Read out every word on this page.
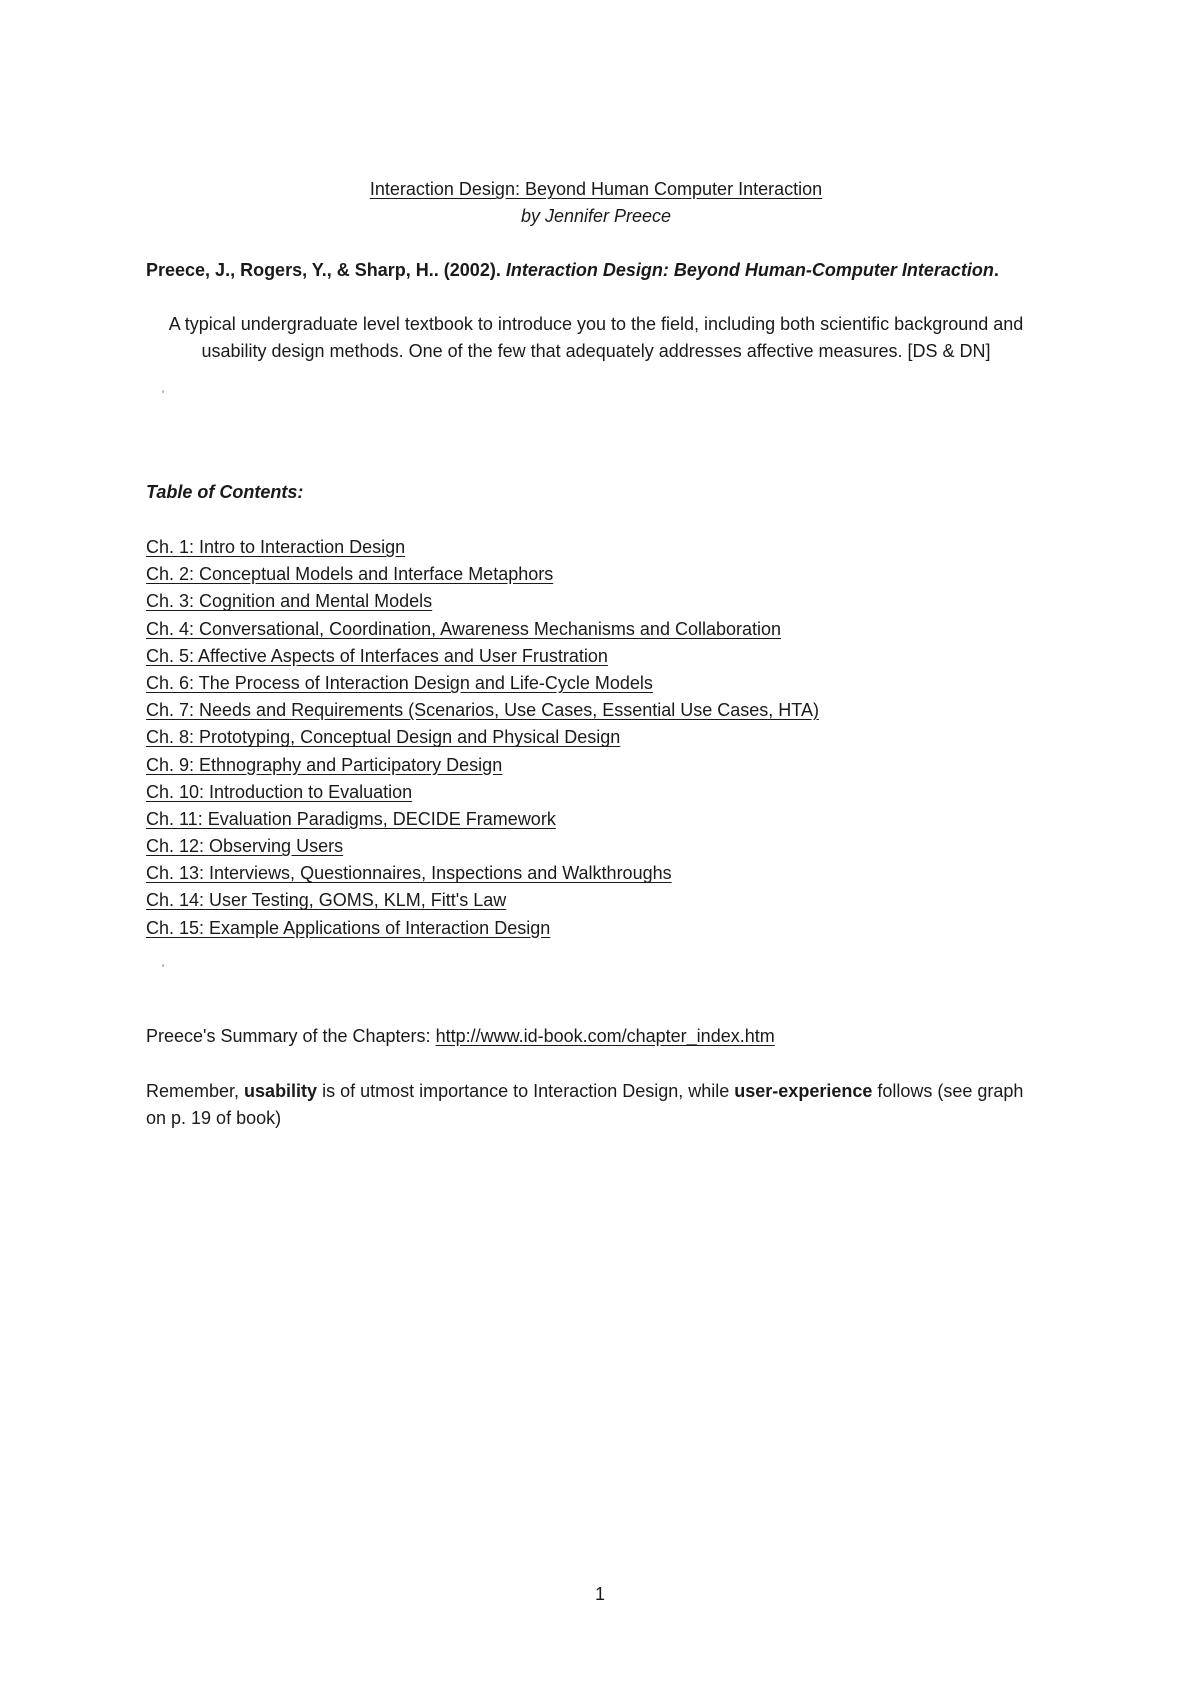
Interaction Design: Beyond Human Computer Interaction

by Jennifer Preece

Preece, J., Rogers, Y., & Sharp, H.. (2002). Interaction Design: Beyond Human-Computer Interaction.

A typical undergraduate level textbook to introduce you to the field, including both scientific background and usability design methods. One of the few that adequately addresses affective measures. [DS & DN]

'

Table of Contents:

Ch. 1: Intro to Interaction Design
Ch. 2: Conceptual Models and Interface Metaphors
Ch. 3: Cognition and Mental Models
Ch. 4: Conversational, Coordination, Awareness Mechanisms and Collaboration
Ch. 5: Affective Aspects of Interfaces and User Frustration
Ch. 6: The Process of Interaction Design and Life-Cycle Models
Ch. 7: Needs and Requirements (Scenarios, Use Cases, Essential Use Cases, HTA)
Ch. 8: Prototyping, Conceptual Design and Physical Design
Ch. 9: Ethnography and Participatory Design
Ch. 10: Introduction to Evaluation
Ch. 11: Evaluation Paradigms, DECIDE Framework
Ch. 12: Observing Users
Ch. 13: Interviews, Questionnaires, Inspections and Walkthroughs
Ch. 14: User Testing, GOMS, KLM, Fitt's Law
Ch. 15: Example Applications of Interaction Design
'

Preece's Summary of the Chapters: http://www.id-book.com/chapter_index.htm

Remember, usability is of utmost importance to Interaction Design, while user-experience follows (see graph on p. 19 of book)

1
